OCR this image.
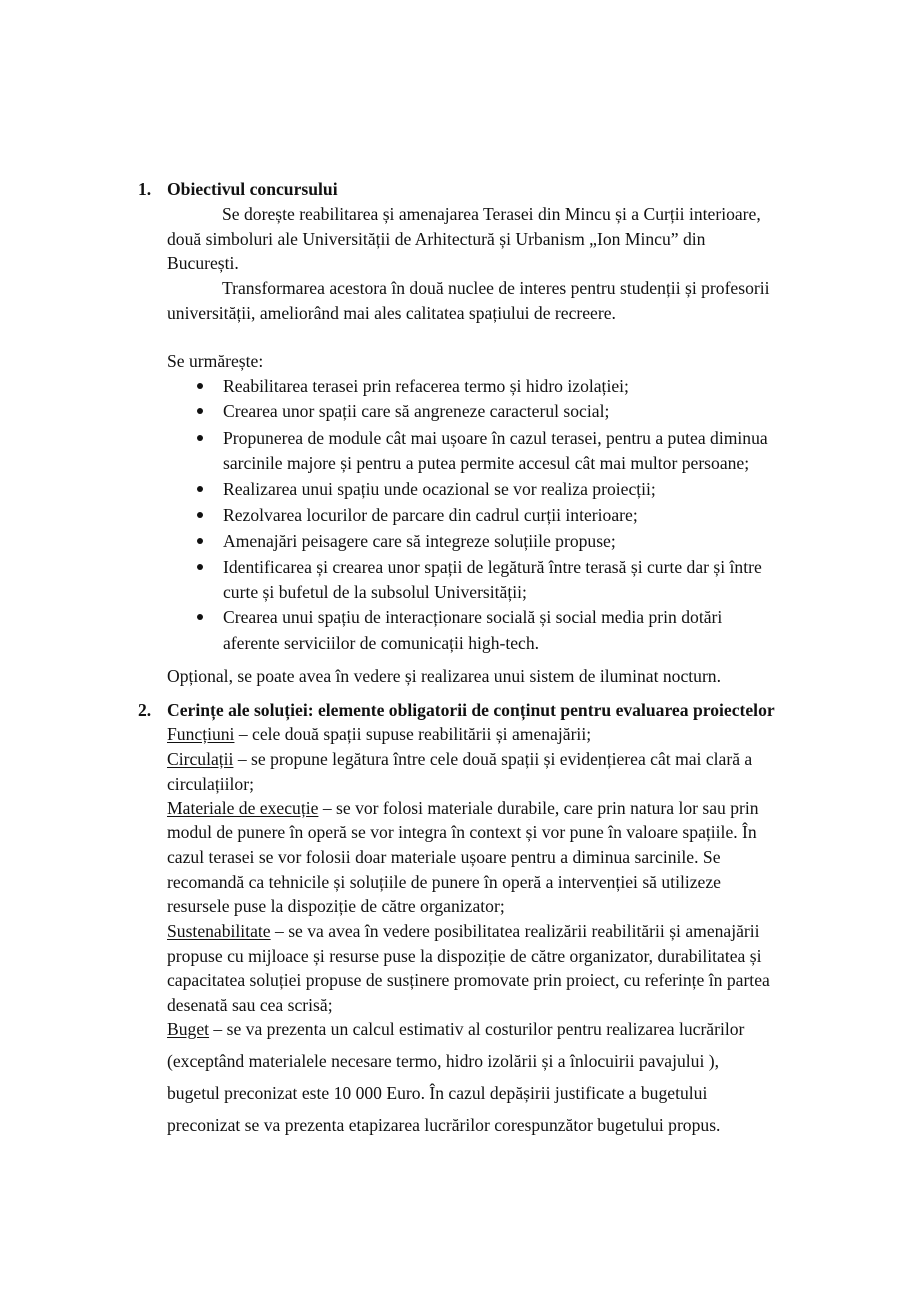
1. Obiectivul concursului
Se dorește reabilitarea și amenajarea Terasei din Mincu și a Curții interioare,
două simboluri ale Universității de Arhitectură și Urbanism „Ion Mincu” din
București.
Transformarea acestora în două nuclee de interes pentru studenții și profesorii
universității, ameliorând mai ales calitatea spațiului de recreere.
Se urmărește:
Reabilitarea terasei prin refacerea termo și hidro izolației;
Crearea unor spații care să angreneze caracterul social;
Propunerea de module cât mai ușoare în cazul terasei, pentru a putea diminua
sarcinile majore și pentru a putea permite accesul cât mai multor persoane;
Realizarea unui spațiu unde ocazional se vor realiza proiecții;
Rezolvarea locurilor de parcare din cadrul curții interioare;
Amenajări peisagere care să integreze soluțiile propuse;
Identificarea și crearea unor spații de legătură între terasă și curte dar și între
curte și bufetul de la subsolul Universității;
Crearea unui spațiu de interacționare socială și social media prin dotări
aferente serviciilor de comunicații high-tech.
Opțional, se poate avea în vedere și realizarea unui sistem de iluminat nocturn.
2. Cerințe ale soluției: elemente obligatorii de conținut pentru evaluarea proiectelor
Funcțiuni – cele două spații supuse reabilitării și amenajării;
Circulații – se propune legătura între cele două spații și evidențierea cât mai clară a
circulațiilor;
Materiale de execuție – se vor folosi materiale durabile, care prin natura lor sau prin
modul de punere în operă se vor integra în context și vor pune în valoare spațiile. În
cazul terasei se vor folosii doar materiale ușoare pentru a diminua sarcinile. Se
recomandă ca tehnicile și soluțiile de punere în operă a intervenției să utilizeze
resursele puse la dispoziție de către organizator;
Sustenabilitate – se va avea în vedere posibilitatea realizării reabilitării și amenajării
propuse cu mijloace și resurse puse la dispoziție de către organizator, durabilitatea și
capacitatea soluției propuse de susținere promovate prin proiect, cu referințe în partea
desenată sau cea scrisă;
Buget – se va prezenta un calcul estimativ al costurilor pentru realizarea lucrărilor
(exceptând materialele necesare termo, hidro izolării și a înlocuirii pavajului ),
bugetul preconizat este 10 000 Euro. În cazul depășirii justificate a bugetului
preconizat se va prezenta etapizarea lucrărilor corespunzător bugetului propus.
